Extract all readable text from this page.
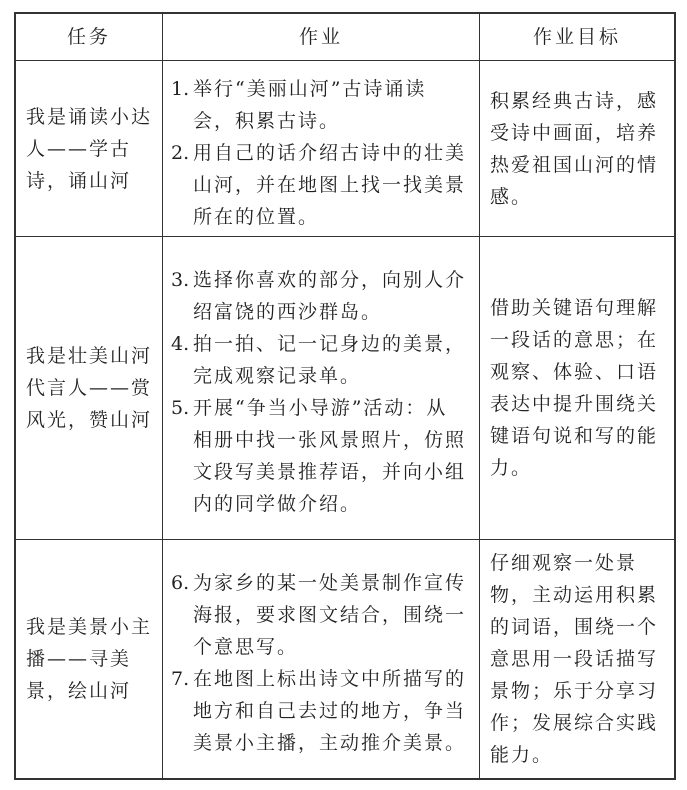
任务	作业	作业目标
我是诵读小达人——学古诗，诵山河
1. 举行“美丽山河”古诗诵读会，积累古诗。
2. 用自己的话介绍古诗中的壮美山河，并在地图上找一找美景所在的位置。
积累经典古诗，感受诗中画面，培养热爱祖国山河的情感。
我是壮美山河代言人——赏风光，赞山河
3. 选择你喜欢的部分，向别人介绍富饶的西沙群岛。
4. 拍一拍、记一记身边的美景，完成观察记录单。
5. 开展“争当小导游”活动：从相册中找一张风景照片，仿照文段写美景推荐语，并向小组内的同学做介绍。
借助关键语句理解一段话的意思；在观察、体验、口语表达中提升围绕关键语句说和写的能力。
我是美景小主播——寻美景，绘山河
6. 为家乡的某一处美景制作宣传海报，要求图文结合，围绕一个意思写。
7. 在地图上标出诗文中所描写的地方和自己去过的地方，争当美景小主播，主动推介美景。
仔细观察一处景物，主动运用积累的词语，围绕一个意思用一段话描写景物；乐于分享习作；发展综合实践能力。
